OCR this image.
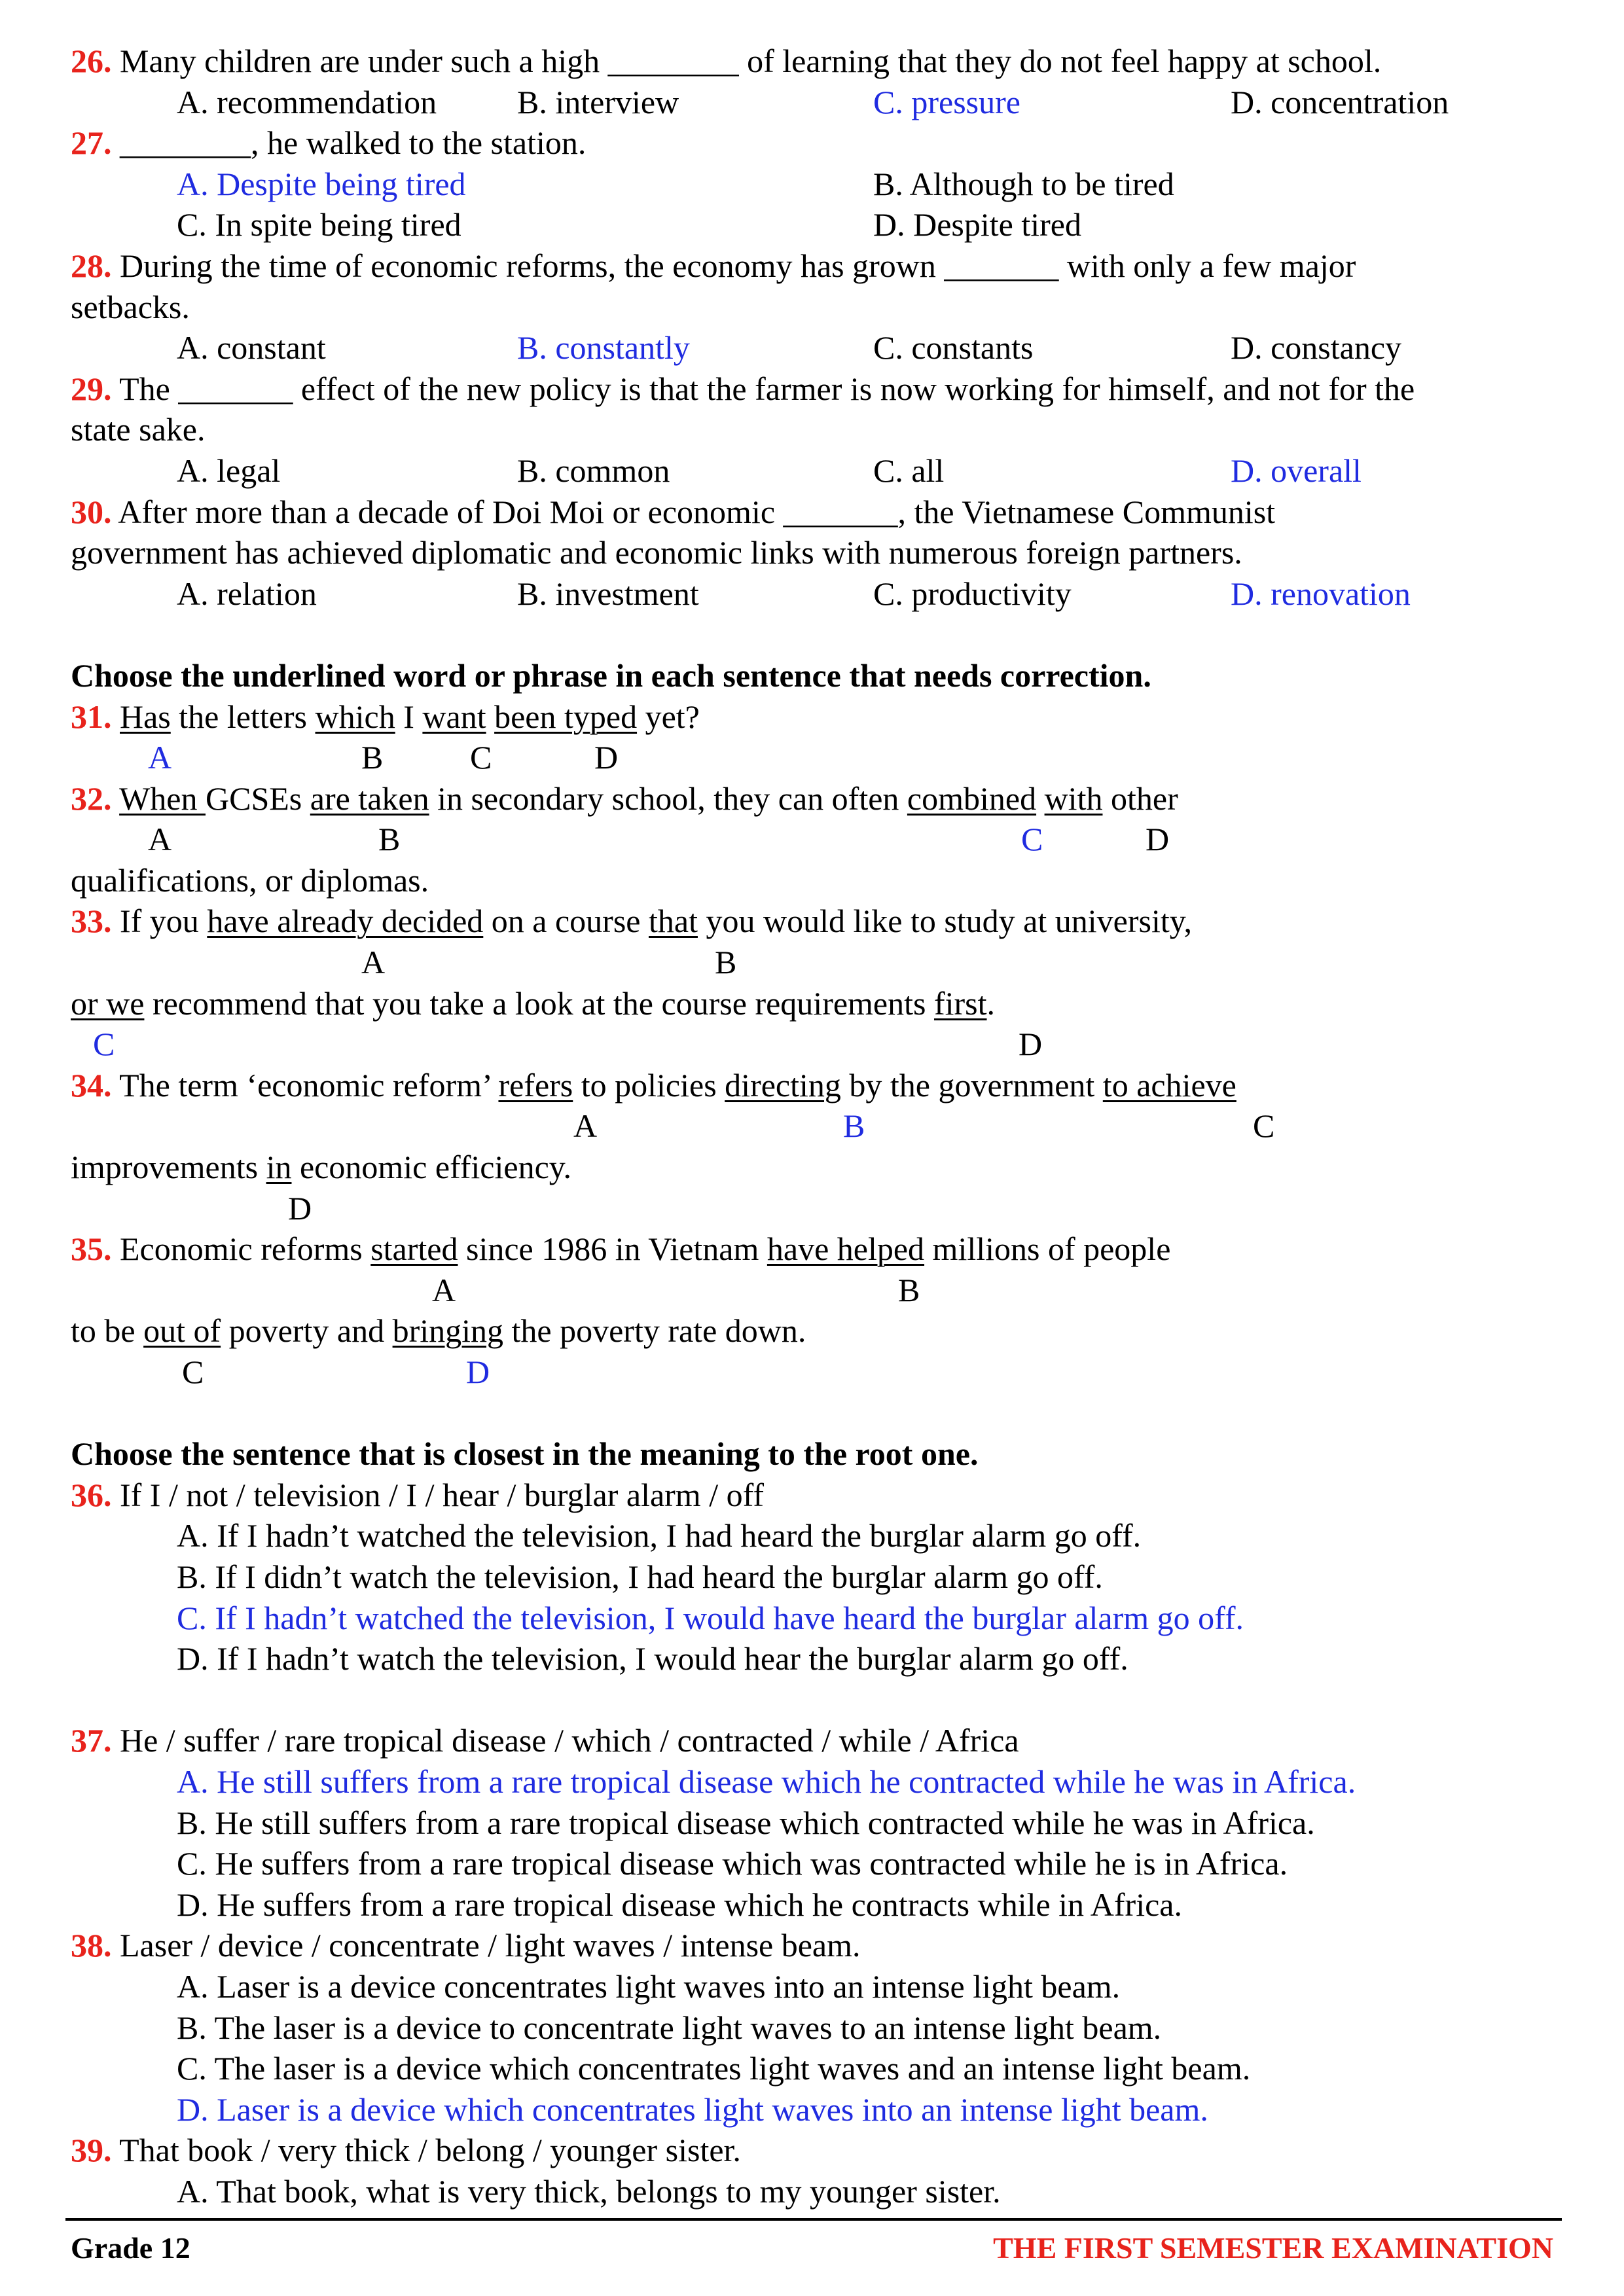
26. Many children are under such a high ________ of learning that they do not feel happy at school.
A. recommendation B. interview	C. pressure	D. concentration
27. ________, he walked to the station.
A. Despite being tired	B. Although to be tired
C. In spite being tired	D. Despite tired
28. During the time of economic reforms, the economy has grown _______ with only a few major
setbacks.
A. constant	B. constantly	C. constants	D. constancy
29. The _______ effect of the new policy is that the farmer is now working for himself, and not for the
state sake.
A. legal	B. common	C. all	D. overall
30. After more than a decade of Doi Moi or economic _______, the Vietnamese Communist
government has achieved diplomatic and economic links with numerous foreign partners.
A. relation	B. investment	C. productivity	D. renovation
Choose the underlined word or phrase in each sentence that needs correction.
31. Has the letters which I want been typed yet?
A	B	C	D
32. When GCSEs are taken in secondary school, they can often combined with other
A	B	C	D
qualifications, or diplomas.
33. If you have already decided on a course that you would like to study at university,
A	B
or we recommend that you take a look at the course requirements first.
C	D
34. The term ‘economic reform’ refers to policies directing by the government to achieve
A	B	C
improvements in economic efficiency.
D
35. Economic reforms started since 1986 in Vietnam have helped millions of people
A	B
to be out of poverty and bringing the poverty rate down.
C	D
Choose the sentence that is closest in the meaning to the root one.
36. If I / not / television / I / hear / burglar alarm / off
A. If I hadn’t watched the television, I had heard the burglar alarm go off.
B. If I didn’t watch the television, I had heard the burglar alarm go off.
C. If I hadn’t watched the television, I would have heard the burglar alarm go off.
D. If I hadn’t watch the television, I would hear the burglar alarm go off.
37. He / suffer / rare tropical disease / which / contracted / while / Africa
A. He still suffers from a rare tropical disease which he contracted while he was in Africa.
B. He still suffers from a rare tropical disease which contracted while he was in Africa.
C. He suffers from a rare tropical disease which was contracted while he is in Africa.
D. He suffers from a rare tropical disease which he contracts while in Africa.
38. Laser / device / concentrate / light waves / intense beam.
A. Laser is a device concentrates light waves into an intense light beam.
B. The laser is a device to concentrate light waves to an intense light beam.
C. The laser is a device which concentrates light waves and an intense light beam.
D. Laser is a device which concentrates light waves into an intense light beam.
39. That book / very thick / belong / younger sister.
A. That book, what is very thick, belongs to my younger sister.
Grade 12	THE FIRST SEMESTER EXAMINATION
